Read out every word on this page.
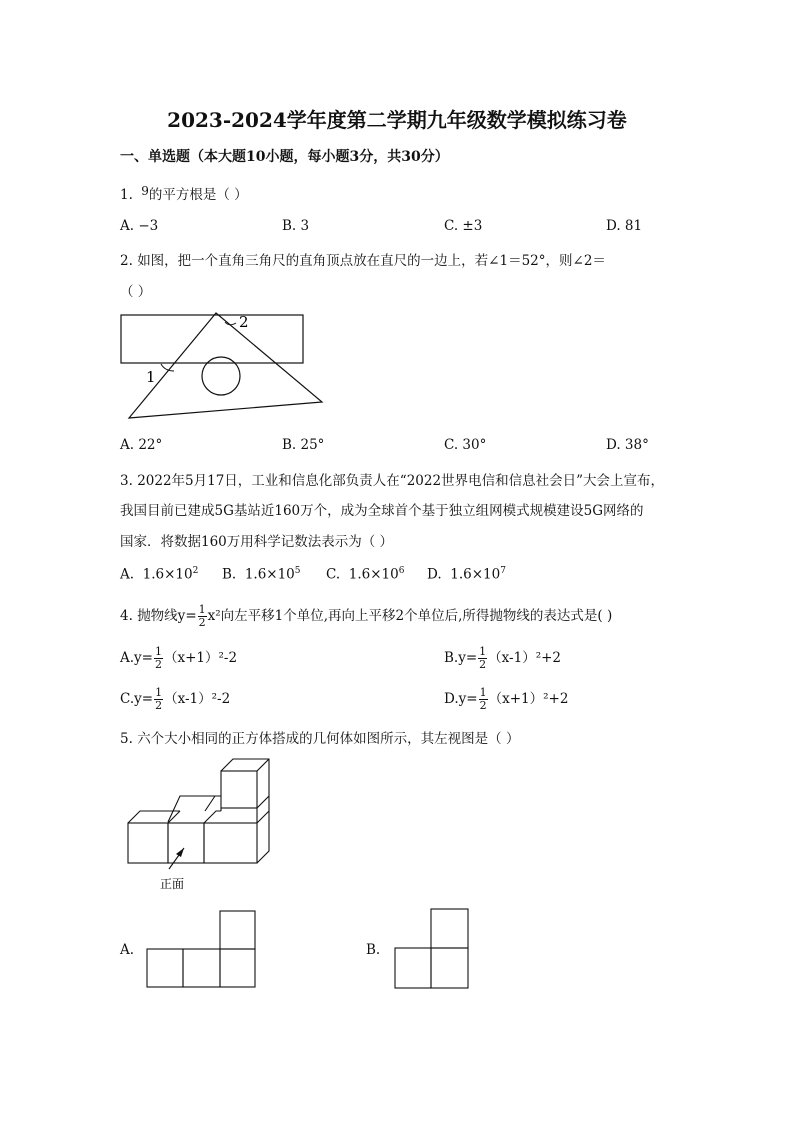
2023-2024学年度第二学期九年级数学模拟练习卷
一、单选题（本大题10小题，每小题3分，共30分）
1. 9的平方根是（ ）
A. −3	B. 3	C. ±3	D. 81
2. 如图，把一个直角三角尺的直角顶点放在直尺的一边上，若∠1＝52°，则∠2＝
（ ）
2
1
A. 22°	B. 25°	C. 30°	D. 38°
3. 2022年5月17日，工业和信息化部负责人在“2022世界电信和信息社会日”大会上宣布，
我国目前已建成5G基站近160万个，成为全球首个基于独立组网模式规模建设5G网络的
国家．将数据160万用科学记数法表示为（ ）
A. $1.6\times 10^2$ B. $1.6\times 10^5$ C. $1.6\times 10^6$ D. $1.6\times 10^7$
4. 抛物线$y= \frac{1}{2} x^2$向左平移1个单位,再向上平移2个单位后,所得抛物线的表达式是( )
$A.y= \frac{1}{2} (x+1)^2-2$	$B.y= \frac{1}{2} (x-1)^2+2$
$C.y= \frac{1}{2} (x-1)^2-2$	$D.y= \frac{1}{2} (x+1)^2+2$
5. 六个大小相同的正方体搭成的几何体如图所示，其左视图是（ ）
正面
A.	B.
